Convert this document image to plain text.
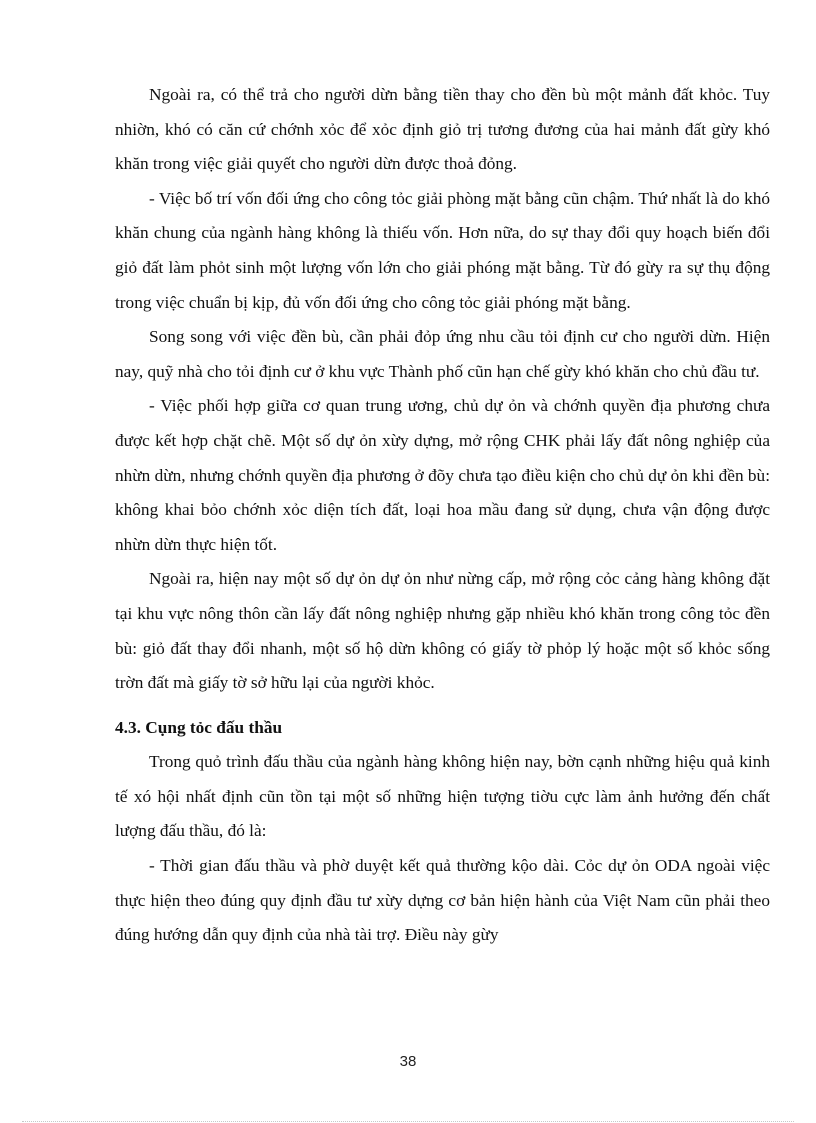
Ngoài ra, có thể trả cho người dừn bằng tiền thay cho đền bù một mảnh đất khỏc. Tuy nhiờn, khó có căn cứ chớnh xỏc để xỏc định giỏ trị tương đương của hai mảnh đất gừy khó khăn trong việc giải quyết cho người dừn được thoả đỏng.

- Việc bố trí vốn đối ứng cho công tỏc giải phòng mặt bằng cũn chậm. Thứ nhất là do khó khăn chung của ngành hàng không là thiếu vốn. Hơn nữa, do sự thay đổi quy hoạch biến đổi giỏ đất làm phỏt sinh một lượng vốn lớn cho giải phóng mặt bằng. Từ đó gừy ra sự thụ động trong việc chuẩn bị kịp, đủ vốn đối ứng cho công tỏc giải phóng mặt bằng.

Song song với việc đền bù, cần phải đỏp ứng nhu cầu tỏi định cư cho người dừn. Hiện nay, quỹ nhà cho tỏi định cư ở khu vực Thành phố cũn hạn chế gừy khó khăn cho chủ đầu tư.

- Việc phối hợp giữa cơ quan trung ương, chủ dự ỏn và chớnh quyền địa phương chưa được kết hợp chặt chẽ. Một số dự ỏn xừy dựng, mở rộng CHK phải lấy đất nông nghiệp của nhừn dừn, nhưng chớnh quyền địa phương ở đõy chưa tạo điều kiện cho chủ dự ỏn khi đền bù: không khai bỏo chớnh xỏc diện tích đất, loại hoa mầu đang sử dụng, chưa vận động được nhừn dừn thực hiện tốt.

Ngoài ra, hiện nay một số dự ỏn dự ỏn như nừng cấp, mở rộng cỏc cảng hàng không đặt tại khu vực nông thôn cần lấy đất nông nghiệp nhưng gặp nhiều khó khăn trong công tỏc đền bù: giỏ đất thay đổi nhanh, một số hộ dừn không có giấy tờ phỏp lý hoặc một số khỏc sống trờn đất mà giấy tờ sở hữu lại của người khỏc.

4.3. Cụng tỏc đấu thầu

Trong quỏ trình đấu thầu của ngành hàng không hiện nay, bờn cạnh những hiệu quả kinh tế xó hội nhất định cũn tồn tại một số những hiện tượng tiờu cực làm ảnh hưởng đến chất lượng đấu thầu, đó là:

- Thời gian đấu thầu và phờ duyệt kết quả thường kộo dài. Cỏc dự ỏn ODA ngoài việc thực hiện theo đúng quy định đầu tư xừy dựng cơ bản hiện hành của Việt Nam cũn phải theo đúng hướng dẫn quy định của nhà tài trợ. Điều này gừy

38
